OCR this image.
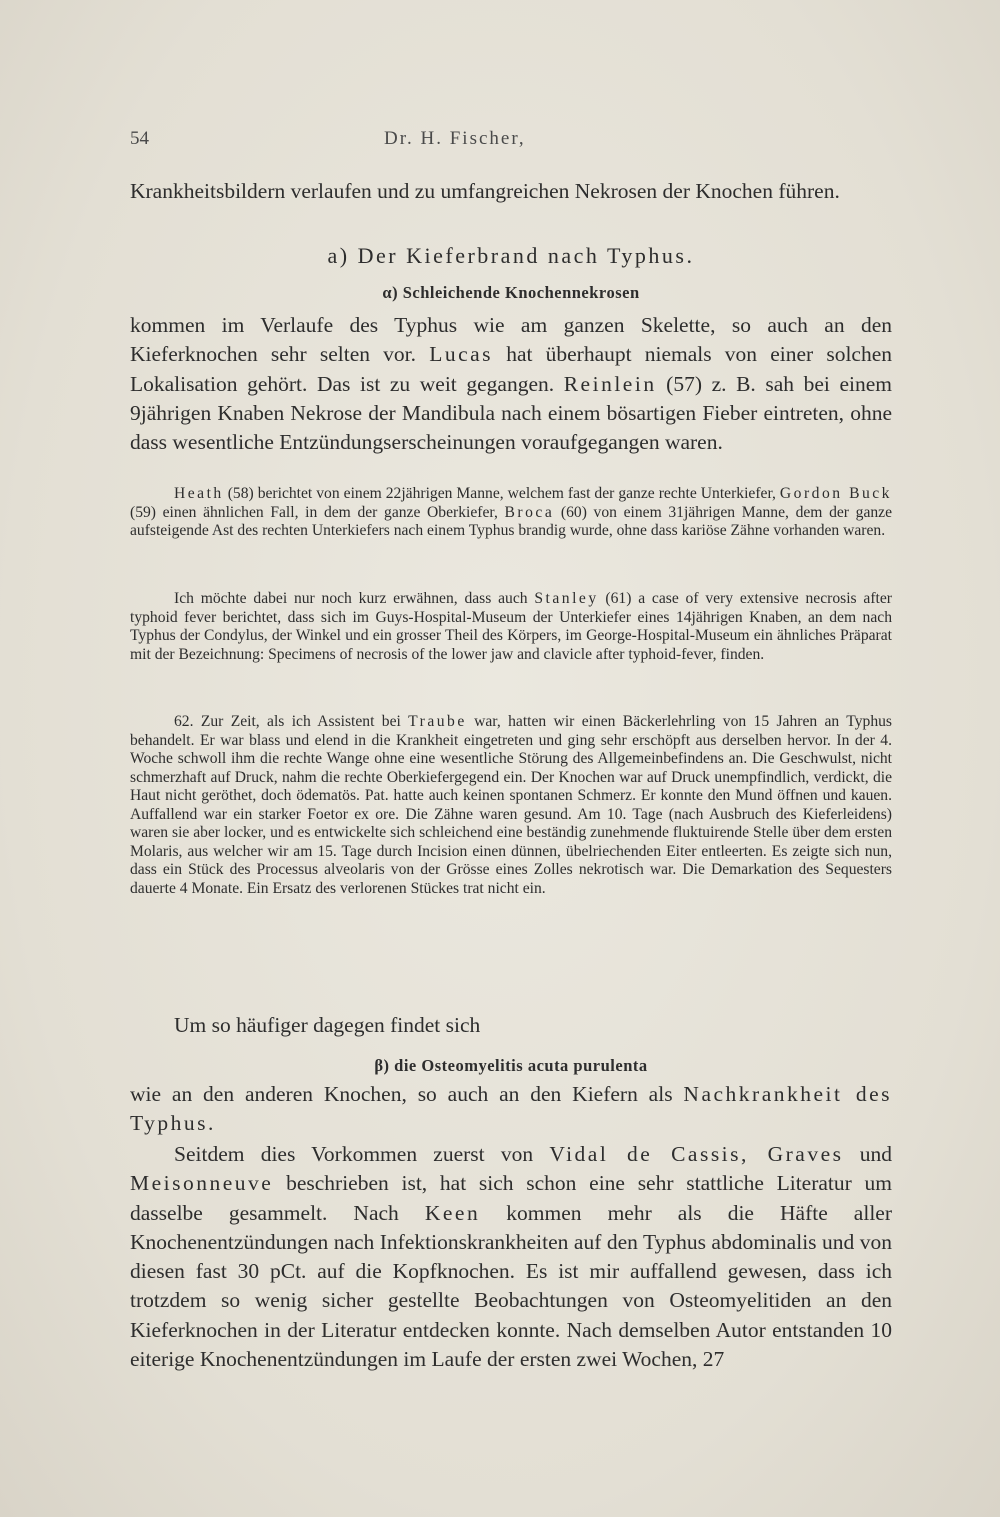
54	Dr. H. Fischer,

Krankheitsbildern verlaufen und zu umfangreichen Nekrosen der Knochen führen.

a) Der Kieferbrand nach Typhus.
α) Schleichende Knochennekrosen

kommen im Verlaufe des Typhus wie am ganzen Skelette, so auch an den Kieferknochen sehr selten vor. Lucas hat überhaupt niemals von einer solchen Lokalisation gehört. Das ist zu weit gegangen. Reinlein (57) z. B. sah bei einem 9jährigen Knaben Nekrose der Mandibula nach einem bösartigen Fieber eintreten, ohne dass wesentliche Entzündungserscheinungen voraufgegangen waren.

Heath (58) berichtet von einem 22jährigen Manne, welchem fast der ganze rechte Unterkiefer, Gordon Buck (59) einen ähnlichen Fall, in dem der ganze Oberkiefer, Broca (60) von einem 31jährigen Manne, dem der ganze aufsteigende Ast des rechten Unterkiefers nach einem Typhus brandig wurde, ohne dass kariöse Zähne vorhanden waren.

Ich möchte dabei nur noch kurz erwähnen, dass auch Stanley (61) a case of very extensive necrosis after typhoid fever berichtet, dass sich im Guys-Hospital-Museum der Unterkiefer eines 14jährigen Knaben, an dem nach Typhus der Condylus, der Winkel und ein grosser Theil des Körpers, im George-Hospital-Museum ein ähnliches Präparat mit der Bezeichnung: Specimens of necrosis of the lower jaw and clavicle after typhoid-fever, finden.

62. Zur Zeit, als ich Assistent bei Traube war, hatten wir einen Bäckerlehrling von 15 Jahren an Typhus behandelt. Er war blass und elend in die Krankheit eingetreten und ging sehr erschöpft aus derselben hervor. In der 4. Woche schwoll ihm die rechte Wange ohne eine wesentliche Störung des Allgemeinbefindens an. Die Geschwulst, nicht schmerzhaft auf Druck, nahm die rechte Oberkiefergegend ein. Der Knochen war auf Druck unempfindlich, verdickt, die Haut nicht geröthet, doch ödematös. Pat. hatte auch keinen spontanen Schmerz. Er konnte den Mund öffnen und kauen. Auffallend war ein starker Foetor ex ore. Die Zähne waren gesund. Am 10. Tage (nach Ausbruch des Kieferleidens) waren sie aber locker, und es entwickelte sich schleichend eine beständig zunehmende fluktuirende Stelle über dem ersten Molaris, aus welcher wir am 15. Tage durch Incision einen dünnen, übelriechenden Eiter entleerten. Es zeigte sich nun, dass ein Stück des Processus alveolaris von der Grösse eines Zolles nekrotisch war. Die Demarkation des Sequesters dauerte 4 Monate. Ein Ersatz des verlorenen Stückes trat nicht ein.

Um so häufiger dagegen findet sich

β) die Osteomyelitis acuta purulenta

wie an den anderen Knochen, so auch an den Kiefern als Nachkrankheit des Typhus.

Seitdem dies Vorkommen zuerst von Vidal de Cassis, Graves und Meisonneuve beschrieben ist, hat sich schon eine sehr stattliche Literatur um dasselbe gesammelt. Nach Keen kommen mehr als die Häfte aller Knochenentzündungen nach Infektionskrankheiten auf den Typhus abdominalis und von diesen fast 30 pCt. auf die Kopfknochen. Es ist mir auffallend gewesen, dass ich trotzdem so wenig sicher gestellte Beobachtungen von Osteomyelitiden an den Kieferknochen in der Literatur entdecken konnte. Nach demselben Autor entstanden 10 eiterige Knochenentzündungen im Laufe der ersten zwei Wochen, 27
